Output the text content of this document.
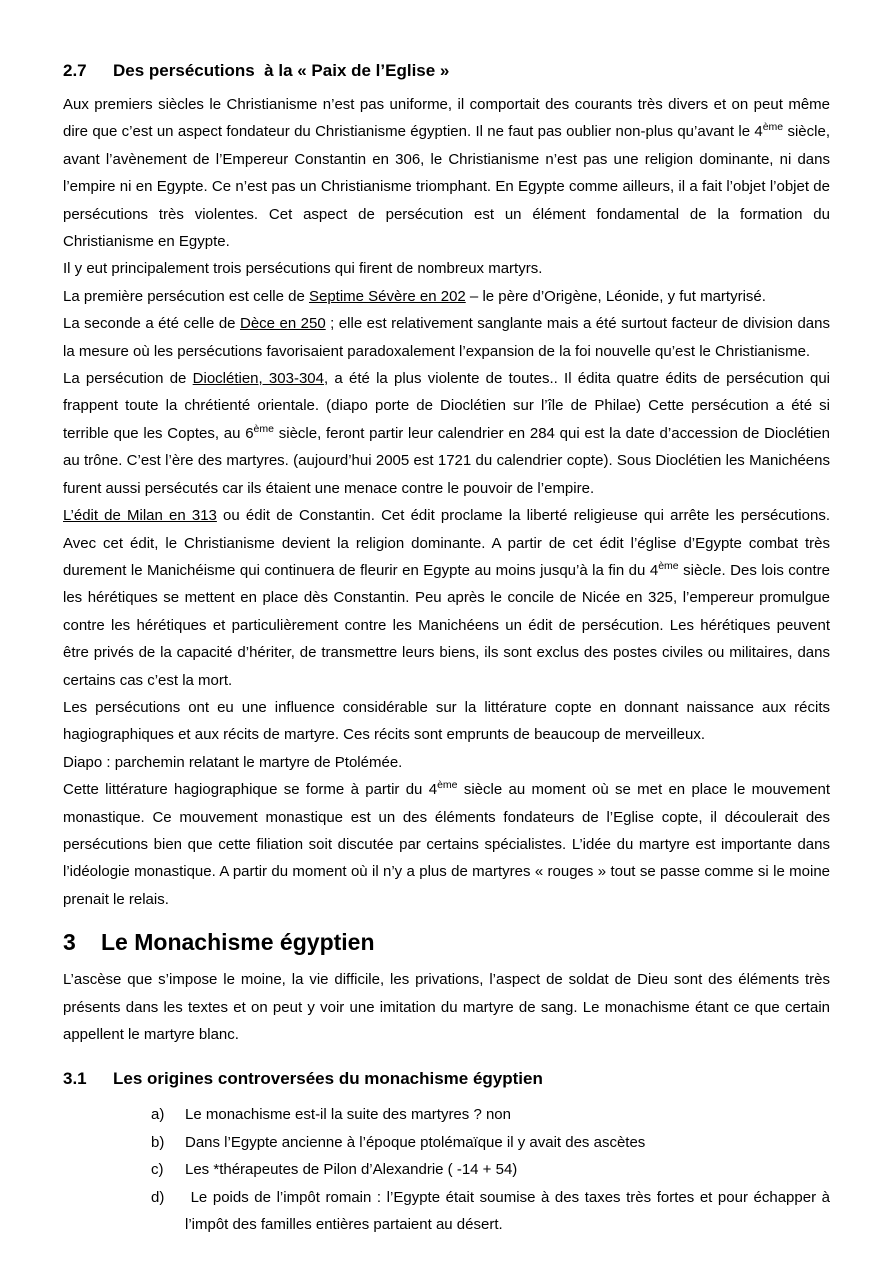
2.7	Des persécutions  à la « Paix de l’Eglise »

Aux premiers siècles le Christianisme n’est pas uniforme, il comportait des courants très divers et on peut même dire que c’est un aspect fondateur du Christianisme égyptien. Il ne faut pas oublier non-plus qu’avant le 4ème siècle, avant l’avènement de l’Empereur Constantin en 306, le Christianisme n’est pas une religion dominante, ni dans l’empire ni en Egypte. Ce n’est pas un Christianisme triomphant. En Egypte comme ailleurs, il a fait l’objet l’objet de persécutions très violentes. Cet aspect de persécution est un élément fondamental de la formation du Christianisme en Egypte.

Il y eut principalement trois persécutions qui firent de nombreux martyrs.

La première persécution est celle de Septime Sévère en 202 – le père d’Origène, Léonide, y fut martyrisé.

La seconde a été celle de Dèce en 250 ; elle est relativement sanglante mais a été surtout facteur de division dans la mesure où les persécutions favorisaient paradoxalement l’expansion de la foi nouvelle qu’est le Christianisme.

La persécution de Dioclétien, 303-304, a été la plus violente de toutes.. Il édita quatre édits de persécution qui frappent toute la chrétienté orientale. (diapo porte de Dioclétien sur l’île de Philae) Cette persécution a été si terrible que les Coptes, au 6ème siècle, feront partir leur calendrier en 284 qui est la date d’accession de Dioclétien au trône. C’est l’ère des martyres. (aujourd’hui 2005 est 1721 du calendrier copte). Sous Dioclétien les Manichéens furent aussi persécutés car ils étaient une menace contre le pouvoir de l’empire.

L’édit de Milan en 313 ou édit de Constantin. Cet édit proclame la liberté religieuse qui arrête les persécutions. Avec cet édit, le Christianisme devient la religion dominante. A partir de cet édit l’église d’Egypte combat très durement le Manichéisme qui continuera de fleurir en Egypte au moins jusqu’à la fin du 4ème siècle. Des lois contre les hérétiques se mettent en place dès Constantin. Peu après le concile de Nicée en 325, l’empereur promulgue contre les hérétiques et particulièrement contre les Manichéens un édit de persécution. Les hérétiques peuvent être privés de la capacité d’hériter, de transmettre leurs biens, ils sont exclus des postes civiles ou militaires, dans certains cas c’est la mort.

Les persécutions ont eu une influence considérable sur la littérature copte en donnant naissance aux récits hagiographiques et aux récits de martyre. Ces récits sont emprunts de beaucoup de merveilleux.

Diapo : parchemin relatant le martyre de Ptolémée.

Cette littérature hagiographique se forme à partir du 4ème siècle au moment où se met en place le mouvement monastique. Ce mouvement monastique est un des éléments fondateurs de l’Eglise copte, il découlerait des persécutions bien que cette filiation soit discutée par certains spécialistes. L’idée du martyre est importante dans l’idéologie monastique. A partir du moment où il n’y a plus de martyres « rouges » tout se passe comme si le moine prenait le relais.

3	Le Monachisme égyptien

L’ascèse que s’impose le moine, la vie difficile, les privations, l’aspect de soldat de Dieu sont des éléments très présents dans les textes et on peut y voir une imitation du martyre de sang. Le monachisme étant ce que certain appellent le martyre blanc.

3.1	Les origines controversées du monachisme égyptien
a)	Le monachisme est-il la suite des martyres ? non
b)	Dans l’Egypte ancienne à l’époque ptolémaïque il y avait des ascètes
c)	Les *thérapeutes de Pilon d’Alexandrie ( -14 + 54)
d)	Le poids de l’impôt romain : l’Egypte était soumise à des taxes très fortes et pour échapper à l’impôt des familles entières partaient au désert.
